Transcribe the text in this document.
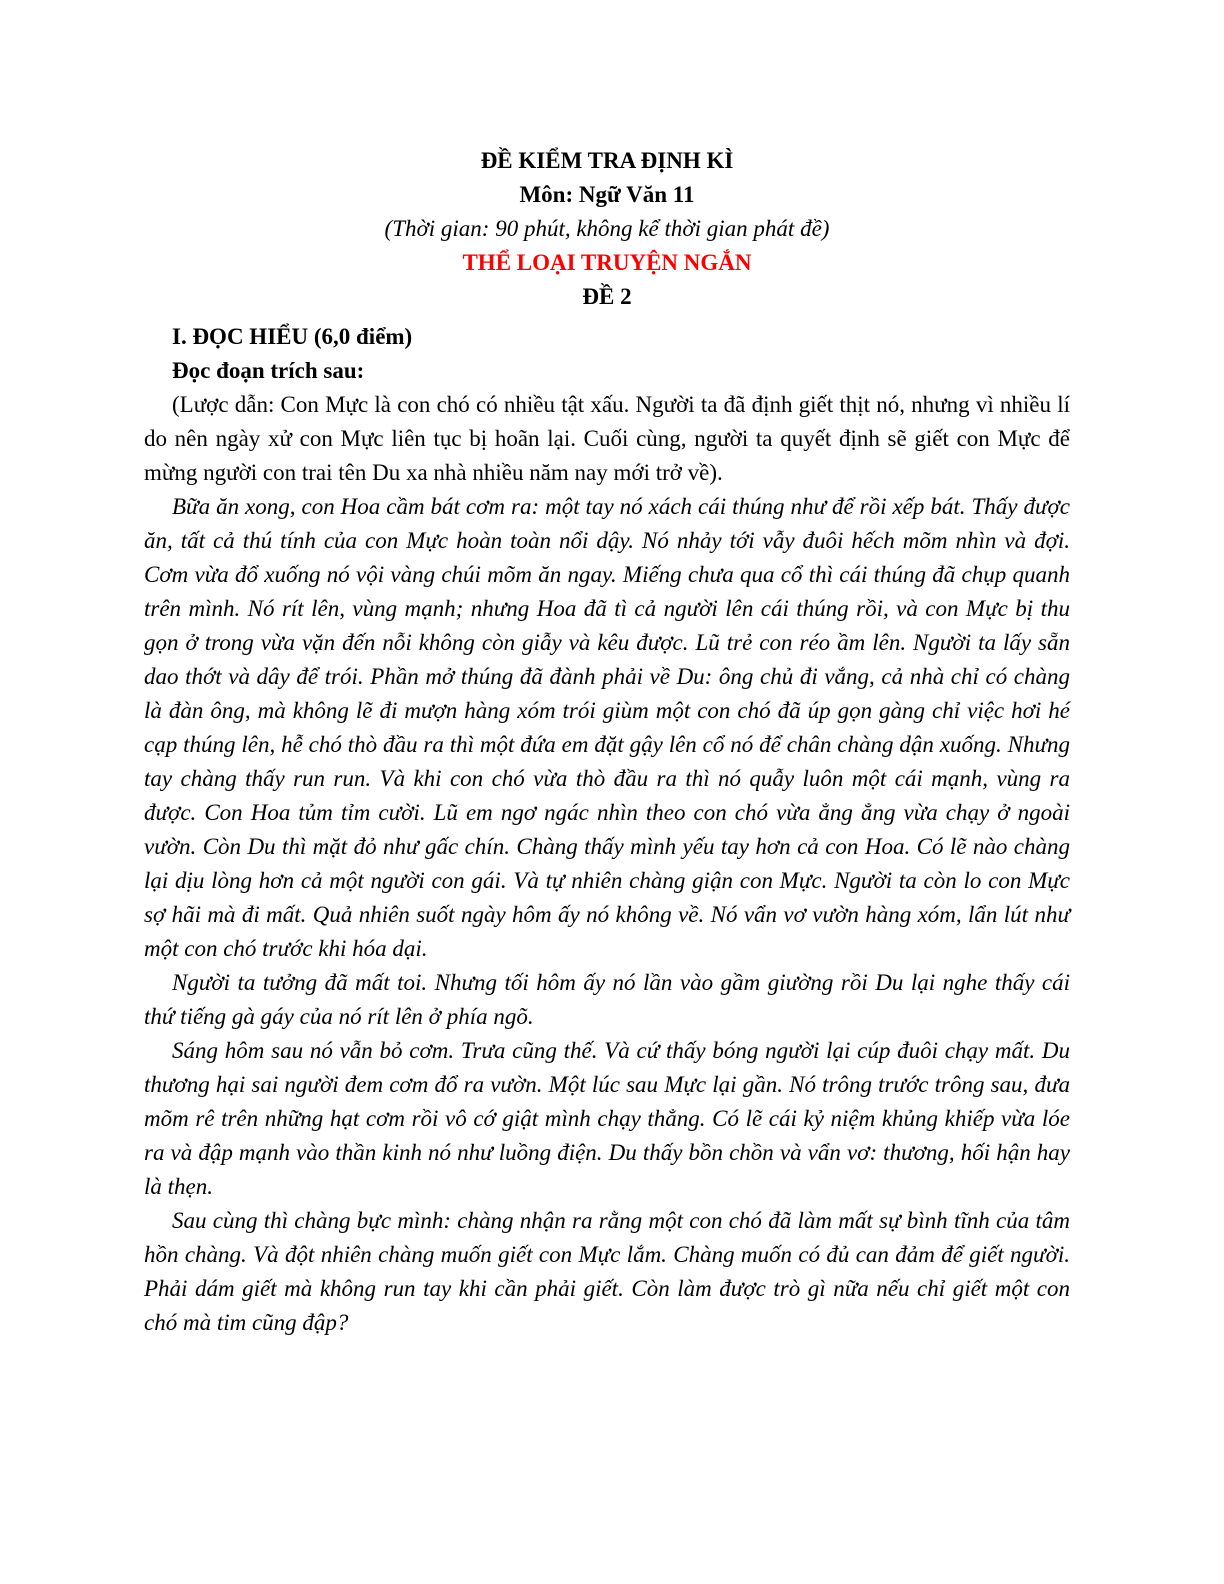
ĐỀ KIỂM TRA ĐỊNH KÌ

Môn: Ngữ Văn 11

(Thời gian: 90 phút, không kể thời gian phát đề)

THỂ LOẠI TRUYỆN NGẮN

ĐỀ 2

I. ĐỌC HIỂU (6,0 điểm)

Đọc đoạn trích sau:

(Lược dẫn: Con Mực là con chó có nhiều tật xấu. Người ta đã định giết thịt nó, nhưng vì nhiều lí do nên ngày xử con Mực liên tục bị hoãn lại. Cuối cùng, người ta quyết định sẽ giết con Mực để mừng người con trai tên Du xa nhà nhiều năm nay mới trở về).

Bữa ăn xong, con Hoa cầm bát cơm ra: một tay nó xách cái thúng như để rồi xếp bát. Thấy được ăn, tất cả thú tính của con Mực hoàn toàn nổi dậy. Nó nhảy tới vẫy đuôi hếch mõm nhìn và đợi. Cơm vừa đổ xuống nó vội vàng chúi mõm ăn ngay. Miếng chưa qua cổ thì cái thúng đã chụp quanh trên mình. Nó rít lên, vùng mạnh; nhưng Hoa đã tì cả người lên cái thúng rồi, và con Mực bị thu gọn ở trong vừa vặn đến nỗi không còn giẫy và kêu được. Lũ trẻ con réo ầm lên. Người ta lấy sẵn dao thớt và dây để trói. Phần mở thúng đã đành phải về Du: ông chủ đi vắng, cả nhà chỉ có chàng là đàn ông, mà không lẽ đi mượn hàng xóm trói giùm một con chó đã úp gọn gàng chỉ việc hơi hé cạp thúng lên, hễ chó thò đầu ra thì một đứa em đặt gậy lên cổ nó để chân chàng dận xuống. Nhưng tay chàng thấy run run. Và khi con chó vừa thò đầu ra thì nó quẫy luôn một cái mạnh, vùng ra được. Con Hoa tủm tỉm cười. Lũ em ngơ ngác nhìn theo con chó vừa ẳng ẳng vừa chạy ở ngoài vườn. Còn Du thì mặt đỏ như gấc chín. Chàng thấy mình yếu tay hơn cả con Hoa. Có lẽ nào chàng lại dịu lòng hơn cả một người con gái. Và tự nhiên chàng giận con Mực. Người ta còn lo con Mực sợ hãi mà đi mất. Quả nhiên suốt ngày hôm ấy nó không về. Nó vẩn vơ vườn hàng xóm, lẩn lút như một con chó trước khi hóa dại.

Người ta tưởng đã mất toi. Nhưng tối hôm ấy nó lần vào gầm giường rồi Du lại nghe thấy cái thứ tiếng gà gáy của nó rít lên ở phía ngõ.

Sáng hôm sau nó vẫn bỏ cơm. Trưa cũng thế. Và cứ thấy bóng người lại cúp đuôi chạy mất. Du thương hại sai người đem cơm đổ ra vườn. Một lúc sau Mực lại gần. Nó trông trước trông sau, đưa mõm rê trên những hạt cơm rồi vô cớ giật mình chạy thẳng. Có lẽ cái kỷ niệm khủng khiếp vừa lóe ra và đập mạnh vào thần kinh nó như luồng điện. Du thấy bồn chồn và vẩn vơ: thương, hối hận hay là thẹn.

Sau cùng thì chàng bực mình: chàng nhận ra rằng một con chó đã làm mất sự bình tĩnh của tâm hồn chàng. Và đột nhiên chàng muốn giết con Mực lắm. Chàng muốn có đủ can đảm để giết người. Phải dám giết mà không run tay khi cần phải giết. Còn làm được trò gì nữa nếu chỉ giết một con chó mà tim cũng đập?
